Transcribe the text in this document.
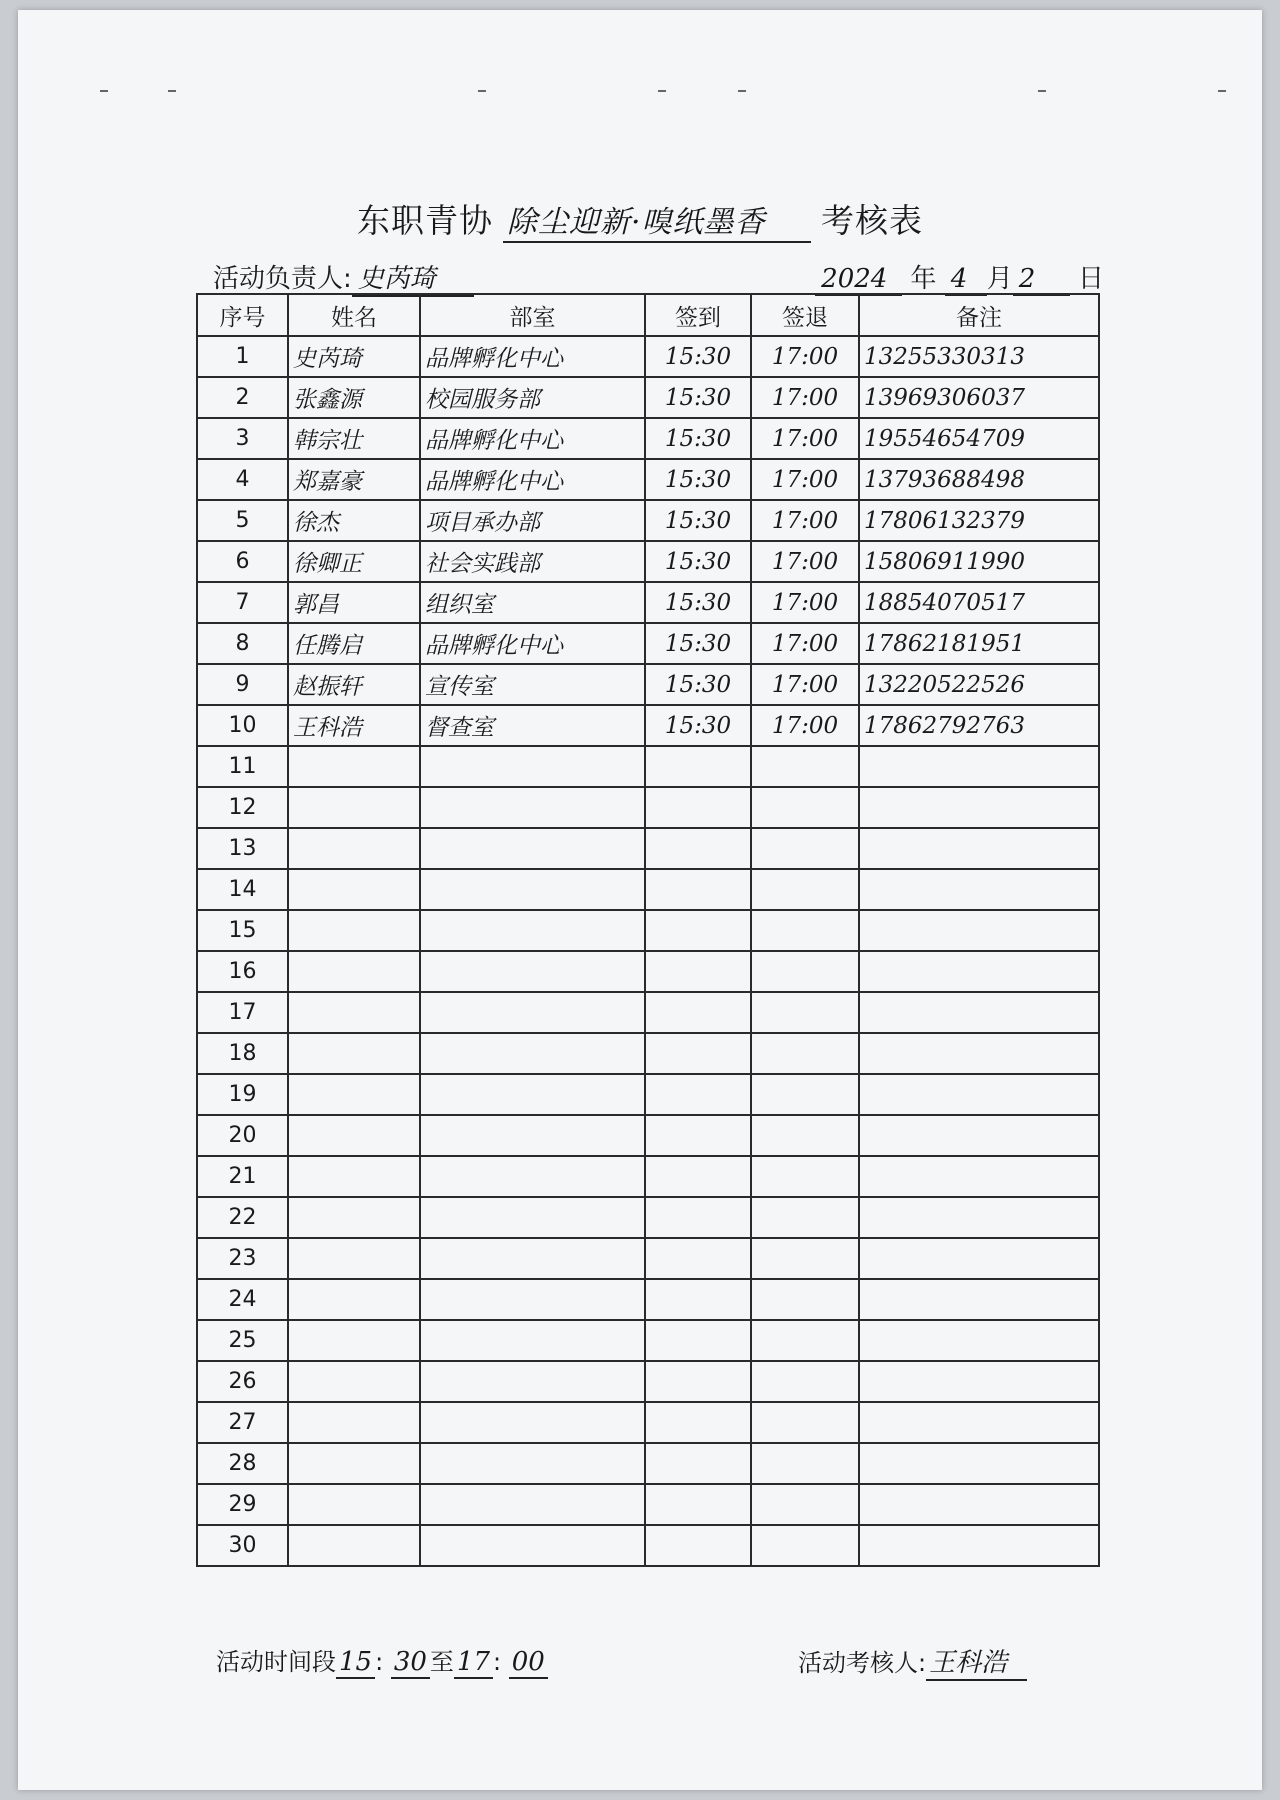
东职青协 除尘迎新·嗅纸墨香 考核表
活动负责人: 史芮琦	2024 年 4 月 2 日
序号	姓名	部室	签到	签退	备注
1	史芮琦	品牌孵化中心	15:30	17:00	13255330313
2	张鑫源	校园服务部	15:30	17:00	13969306037
3	韩宗壮	品牌孵化中心	15:30	17:00	19554654709
4	郑嘉豪	品牌孵化中心	15:30	17:00	13793688498
5	徐杰	项目承办部	15:30	17:00	17806132379
6	徐卿正	社会实践部	15:30	17:00	15806911990
7	郭昌	组织室	15:30	17:00	18854070517
8	任腾启	品牌孵化中心	15:30	17:00	17862181951
9	赵振轩	宣传室	15:30	17:00	13220522526
10	王科浩	督查室	15:30	17:00	17862792763
11					
12					
13					
14					
15					
16					
17					
18					
19					
20					
21					
22					
23					
24					
25					
26					
27					
28					
29					
30					
活动时间段 15 : 30 至 17 : 00	活动考核人: 王科浩
